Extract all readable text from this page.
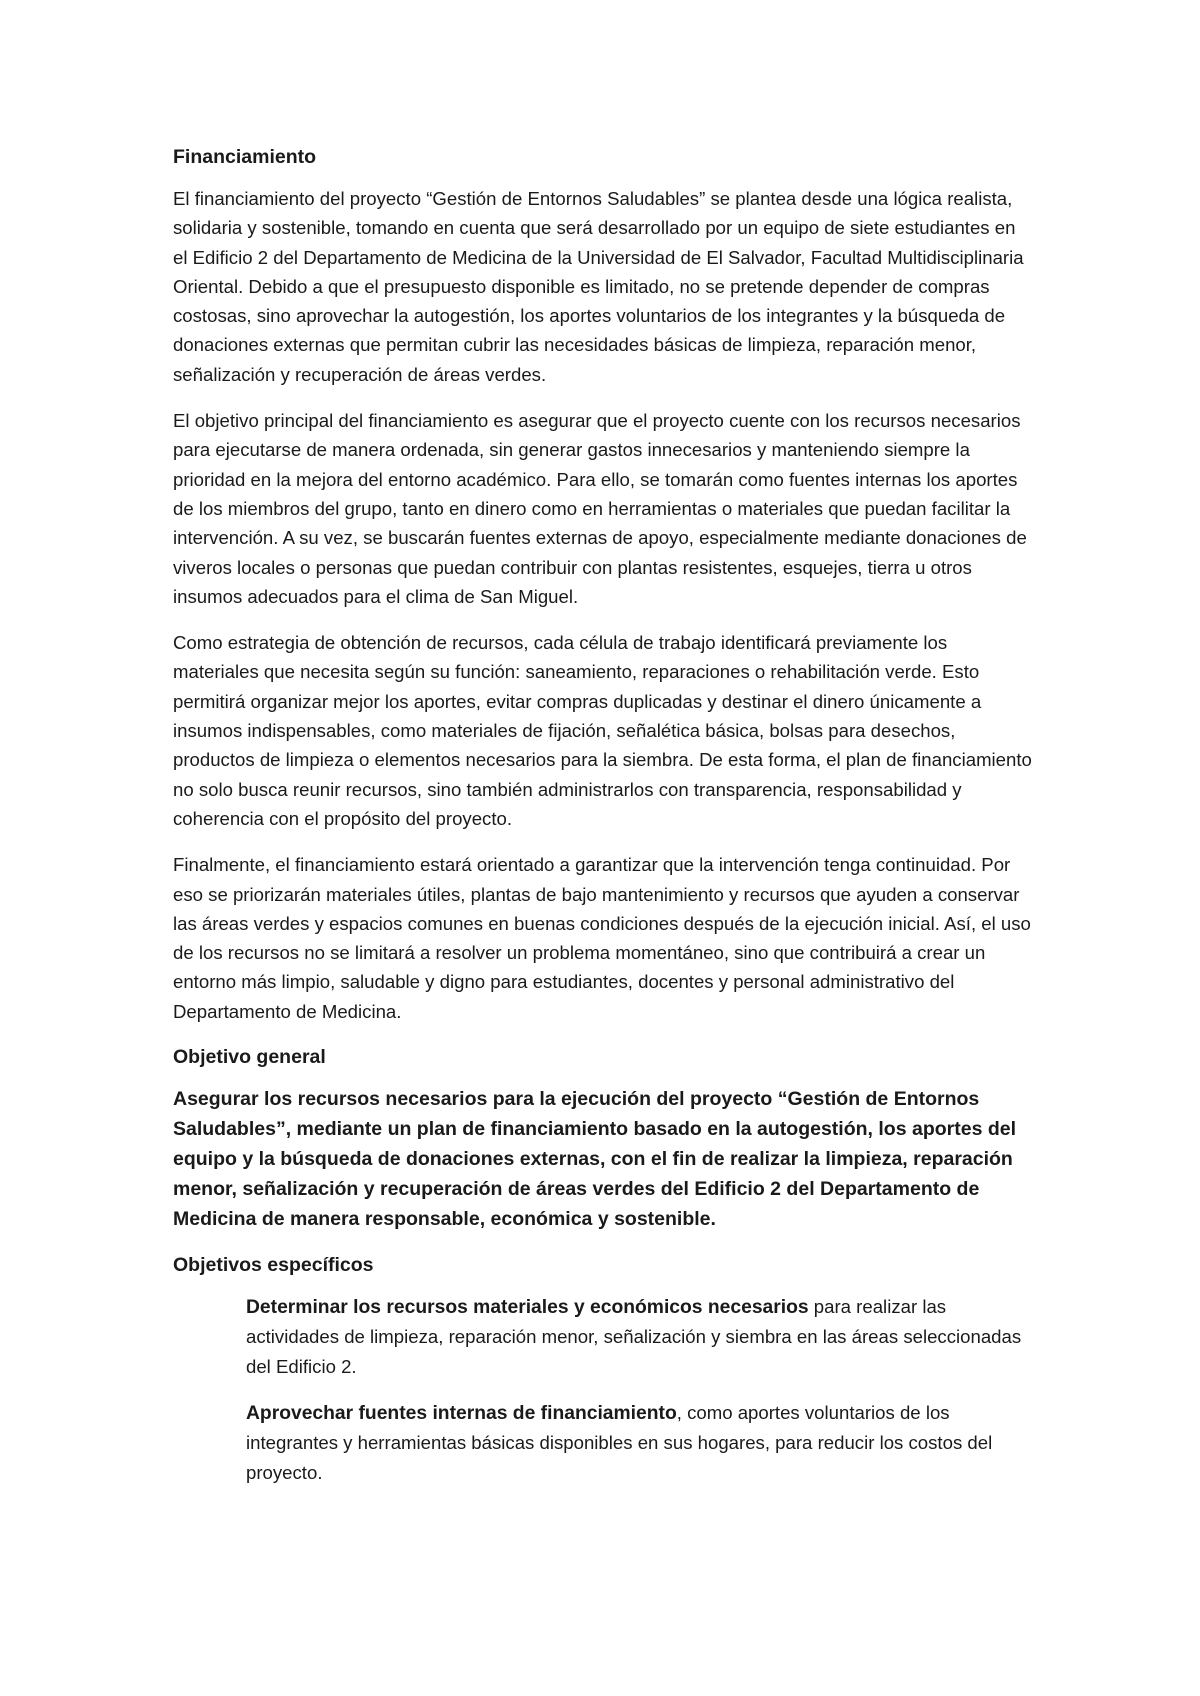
Financiamiento

El financiamiento del proyecto “Gestión de Entornos Saludables” se plantea desde una lógica realista, solidaria y sostenible, tomando en cuenta que será desarrollado por un equipo de siete estudiantes en el Edificio 2 del Departamento de Medicina de la Universidad de El Salvador, Facultad Multidisciplinaria Oriental. Debido a que el presupuesto disponible es limitado, no se pretende depender de compras costosas, sino aprovechar la autogestión, los aportes voluntarios de los integrantes y la búsqueda de donaciones externas que permitan cubrir las necesidades básicas de limpieza, reparación menor, señalización y recuperación de áreas verdes.

El objetivo principal del financiamiento es asegurar que el proyecto cuente con los recursos necesarios para ejecutarse de manera ordenada, sin generar gastos innecesarios y manteniendo siempre la prioridad en la mejora del entorno académico. Para ello, se tomarán como fuentes internas los aportes de los miembros del grupo, tanto en dinero como en herramientas o materiales que puedan facilitar la intervención. A su vez, se buscarán fuentes externas de apoyo, especialmente mediante donaciones de viveros locales o personas que puedan contribuir con plantas resistentes, esquejes, tierra u otros insumos adecuados para el clima de San Miguel.

Como estrategia de obtención de recursos, cada célula de trabajo identificará previamente los materiales que necesita según su función: saneamiento, reparaciones o rehabilitación verde. Esto permitirá organizar mejor los aportes, evitar compras duplicadas y destinar el dinero únicamente a insumos indispensables, como materiales de fijación, señalética básica, bolsas para desechos, productos de limpieza o elementos necesarios para la siembra. De esta forma, el plan de financiamiento no solo busca reunir recursos, sino también administrarlos con transparencia, responsabilidad y coherencia con el propósito del proyecto.

Finalmente, el financiamiento estará orientado a garantizar que la intervención tenga continuidad. Por eso se priorizarán materiales útiles, plantas de bajo mantenimiento y recursos que ayuden a conservar las áreas verdes y espacios comunes en buenas condiciones después de la ejecución inicial. Así, el uso de los recursos no se limitará a resolver un problema momentáneo, sino que contribuirá a crear un entorno más limpio, saludable y digno para estudiantes, docentes y personal administrativo del Departamento de Medicina.

Objetivo general

Asegurar los recursos necesarios para la ejecución del proyecto “Gestión de Entornos Saludables”, mediante un plan de financiamiento basado en la autogestión, los aportes del equipo y la búsqueda de donaciones externas, con el fin de realizar la limpieza, reparación menor, señalización y recuperación de áreas verdes del Edificio 2 del Departamento de Medicina de manera responsable, económica y sostenible.

Objetivos específicos

Determinar los recursos materiales y económicos necesarios para realizar las actividades de limpieza, reparación menor, señalización y siembra en las áreas seleccionadas del Edificio 2.

Aprovechar fuentes internas de financiamiento, como aportes voluntarios de los integrantes y herramientas básicas disponibles en sus hogares, para reducir los costos del proyecto.
